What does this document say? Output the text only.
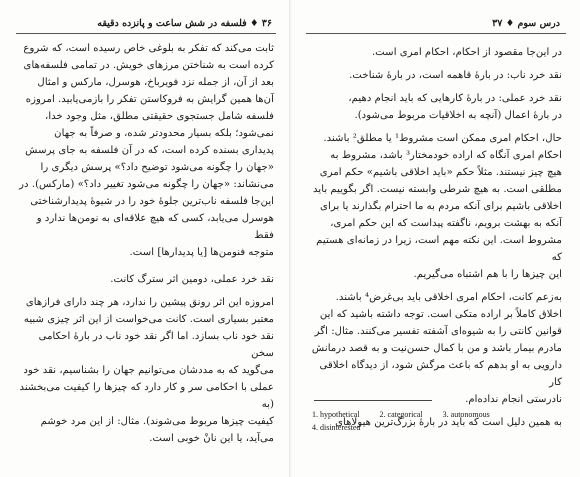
۳۶ ♦ فلسفه در شش ساعت و پانزده دقیقه

ثابت می‌کند که تفکر به بلوغی خاص رسیده است، که شروع
کرده است به شناختن مرزهای خویش. در تمامی فلسفه‌های
بعد از آن، از جمله نزد فویرباخ، هوسرل، مارکس و امثال
آن‌ها همین گرایش به فروکاستن تفکر را بازمی‌یابید. امروزه
فلسفه شامل جستجوی حقیقتی مطلق، مثل وجود خدا،
نمی‌شود؛ بلکه بسیار محدودتر شده، و صرفاً به جهان
پدیداری بسنده کرده است، که در آن فلسفه به جای پرسش
«جهان را چگونه می‌شود توضیح داد؟» پرسش دیگری را
می‌نشاند: «جهان را چگونه می‌شود تغییر داد؟» (مارکس). در
این‌جا فلسفه ناب‌ترین جلوۀ خود را در شیوۀ پدیدارشناختی
هوسرل می‌یابد، کسی که هیچ علاقه‌ای به نومن‌ها ندارد و فقط
متوجه فنومن‌ها [یا پدیدارها] است.

نقد خرد عملی، دومین اثر سترگ کانت.

امروزه این اثر رونق پیشین را ندارد، هر چند دارای فرازهای
معتبر بسیاری است. کانت می‌خواست از این اثر چیزی شبیه
نقد خود ناب بسازد. اما اگر نقد خود ناب در بارۀ احکامی سخن
می‌گوید که به مددشان می‌توانیم جهان را بشناسیم، نقد خود
عملی با احکامی سر و کار دارد که چیزها را کیفیت می‌بخشند (به
کیفیت چیزها مربوط می‌شوند). مثال: از این مرد خوشم
می‌آید، یا این نانْ خوبی است.

درس سوم ♦ ۳۷

در این‌جا مقصود از احکام، احکام امری است.

نقد خرد ناب: در بارۀ قاهمه است، در بارۀ شناخت.

نقد خرد عملی: در بارۀ کارهایی که باید انجام دهیم،
در بارۀ اعمال (آنچه به اخلاقیات مربوط می‌شود).

حال، احکام امری ممکن است مشروط¹ یا مطلق² باشند.
احکام امری آنگاه که اراده خودمختار³ باشد، مشروط به
هیچ چیز نیستند. مثلاً حکم «باید اخلاقی باشیم» حکم امری
مطلقی است. به هیچ شرطی وابسته نیست. اگر بگوییم باید
اخلاقی باشیم برای آنکه مردم به ما احترام بگذارند یا برای
آنکه به بهشت برویم، ناگفته پیداست که این حکم امری،
مشروط است. این نکته مهم است، زیرا در زمانه‌ای هستیم که
این چیزها را با هم اشتباه می‌گیریم.

به‌زعم کانت، احکام امری اخلاقی باید بی‌غرض⁴ باشند.
اخلاق کاملاً بر اراده متکی است. توجه داشته باشید که این
قوانین کانتی را به شیوه‌ای آشفته تفسیر می‌کنند. مثال: اگر
مادرم بیمار باشد و من با کمال حسن‌نیت و به قصد درمانش
دارویی به او بدهم که باعث مرگش شود، از دیدگاه اخلاقی کار
نادرستی انجام نداده‌ام.

به همین دلیل است که باید در بارۀ بزرگ‌ترین هیولاهای

1. hypothetical	2. categorical	3. autonomous
4. disinterested
